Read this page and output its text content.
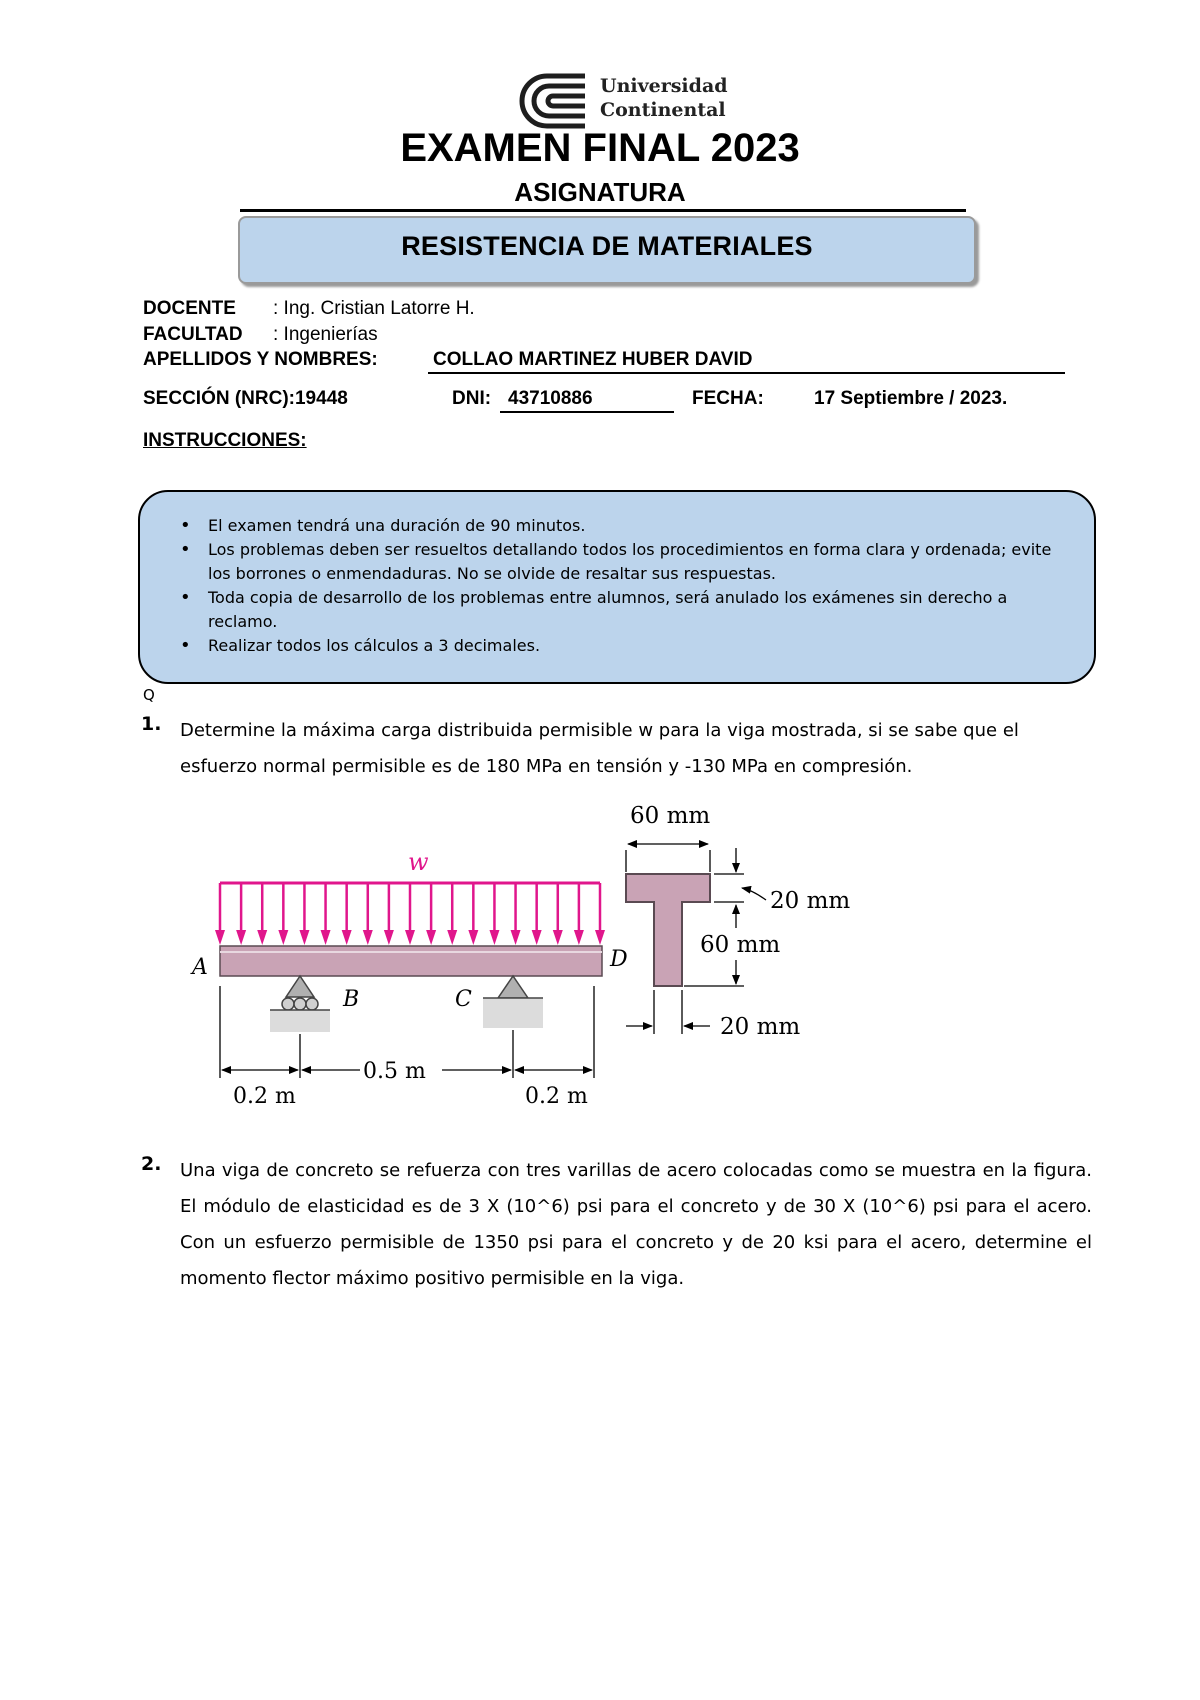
Universidad
Continental
EXAMEN FINAL 2023
ASIGNATURA
RESISTENCIA DE MATERIALES
DOCENTE : Ing. Cristian Latorre H.
FACULTAD : Ingenierías
APELLIDOS Y NOMBRES:	COLLAO MARTINEZ HUBER DAVID
SECCIÓN (NRC):19448	DNI: 43710886	FECHA:	17 Septiembre / 2023.
INSTRUCCIONES:
• El examen tendrá una duración de 90 minutos.
• Los problemas deben ser resueltos detallando todos los procedimientos en forma clara y ordenada; evite los borrones o enmendaduras. No se olvide de resaltar sus respuestas.
• Toda copia de desarrollo de los problemas entre alumnos, será anulado los exámenes sin derecho a reclamo.
• Realizar todos los cálculos a 3 decimales.
Q
1. Determine la máxima carga distribuida permisible w para la viga mostrada, si se sabe que el esfuerzo normal permisible es de 180 MPa en tensión y -130 MPa en compresión.
w
A	D
B	C
0.5 m
0.2 m	0.2 m
60 mm
20 mm
60 mm
20 mm
2. Una viga de concreto se refuerza con tres varillas de acero colocadas como se muestra en la figura. El módulo de elasticidad es de 3 X (10^6) psi para el concreto y de 30 X (10^6) psi para el acero. Con un esfuerzo permisible de 1350 psi para el concreto y de 20 ksi para el acero, determine el momento flector máximo positivo permisible en la viga.
